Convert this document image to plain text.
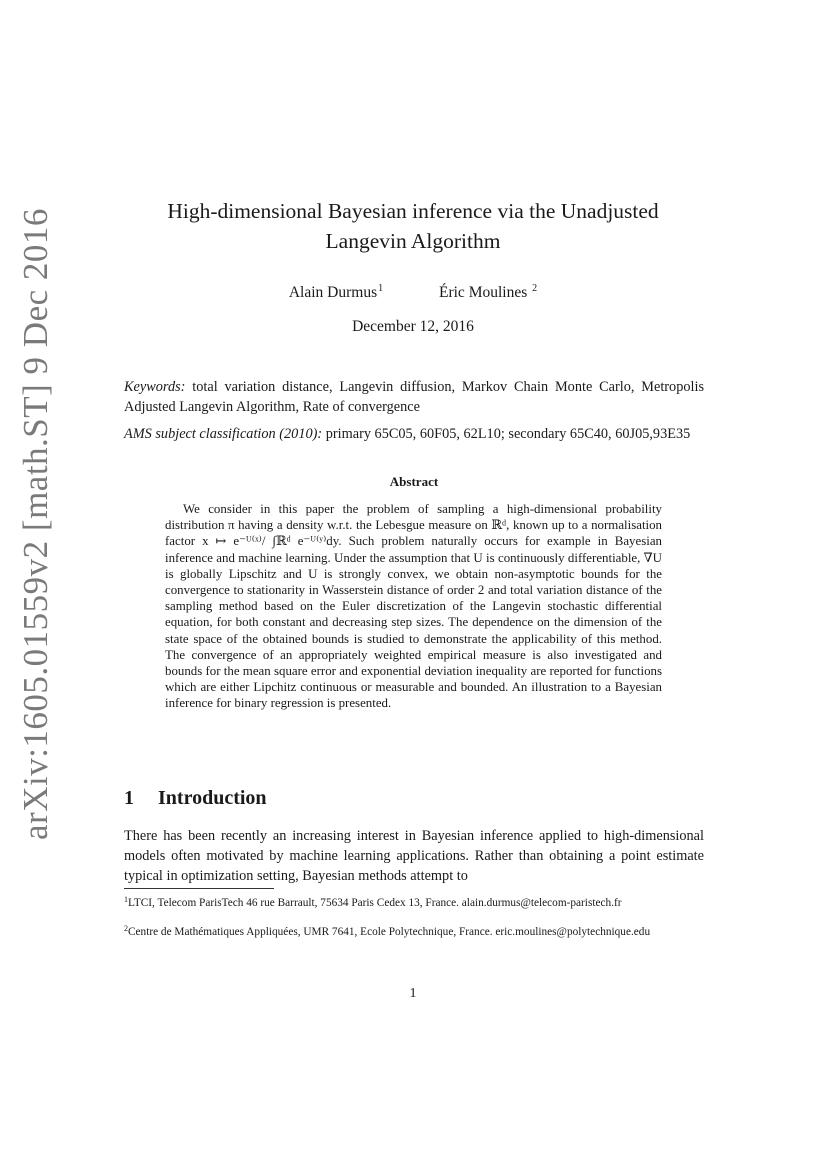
arXiv:1605.01559v2 [math.ST] 9 Dec 2016	High-dimensional Bayesian inference via the Unadjusted
Langevin Algorithm
Alain Durmus$^1$	Éric Moulines $^2$
December 12, 2016
Keywords: total variation distance, Langevin diffusion, Markov Chain Monte Carlo, Metropolis Adjusted Langevin Algorithm, Rate of convergence
AMS subject classification (2010): primary 65C05, 60F05, 62L10; secondary 65C40, 60J05,93E35
Abstract
We consider in this paper the problem of sampling a high-dimensional probability distribution π having a density w.r.t. the Lebesgue measure on ℝᵈ, known up to a normalisation factor x ↦ e⁻ᵁ⁽ˣ⁾/ ∫ℝᵈ e⁻ᵁ⁽ʸ⁾dy. Such problem naturally occurs for example in Bayesian inference and machine learning. Under the assumption that U is continuously differentiable, ∇U is globally Lipschitz and U is strongly convex, we obtain non-asymptotic bounds for the convergence to stationarity in Wasserstein distance of order 2 and total variation distance of the sampling method based on the Euler discretization of the Langevin stochastic differential equation, for both constant and decreasing step sizes. The dependence on the dimension of the state space of the obtained bounds is studied to demonstrate the applicability of this method. The convergence of an appropriately weighted empirical measure is also investigated and bounds for the mean square error and exponential deviation inequality are reported for functions which are either Lipchitz continuous or measurable and bounded. An illustration to a Bayesian inference for binary regression is presented.
1 Introduction
There has been recently an increasing interest in Bayesian inference applied to high-dimensional models often motivated by machine learning applications. Rather than obtaining a point estimate typical in optimization setting, Bayesian methods attempt to
$^1$LTCI, Telecom ParisTech 46 rue Barrault, 75634 Paris Cedex 13, France. alain.durmus@telecom-paristech.fr
$^2$Centre de Mathématiques Appliquées, UMR 7641, Ecole Polytechnique, France. eric.moulines@polytechnique.edu
1
